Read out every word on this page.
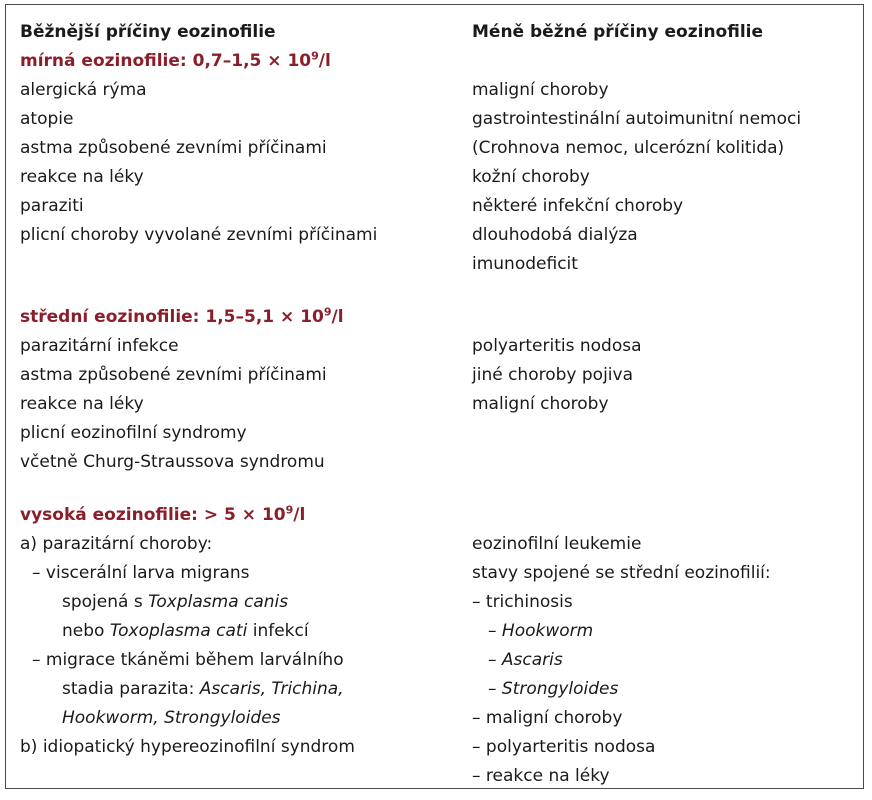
Běžnější příčiny eozinofilie
mírná eozinofilie: $0,7-1,5 \times 10^9/l$
alergická rýma
atopie
astma způsobené zevními příčinami
reakce na léky
paraziti
plicní choroby vyvolané zevními příčinami
střední eozinofilie: $1,5-5,1 \times 10^9/l$
parazitární infekce
astma způsobené zevními příčinami
reakce na léky
plicní eozinofilní syndromy
včetně Churg-Straussova syndromu
vysoká eozinofilie: > $5 \times 10^9/l$
a) parazitární choroby:
– viscerální larva migrans
spojená s Toxplasma canis
nebo Toxoplasma cati infekcí
– migrace tkáněmi během larválního
stadia parazita: Ascaris, Trichina,
Hookworm, Strongyloides
b) idiopatický hypereozinofilní syndrom
Méně běžné příčiny eozinofilie
maligní choroby
gastrointestinální autoimunitní nemoci
(Crohnova nemoc, ulcerózní kolitida)
kožní choroby
některé infekční choroby
dlouhodobá dialýza
imunodeficit
polyarteritis nodosa
jiné choroby pojiva
maligní choroby
eozinofilní leukemie
stavy spojené se střední eozinofilií:
– trichinosis
– Hookworm
– Ascaris
– Strongyloides
– maligní choroby
– polyarteritis nodosa
– reakce na léky
